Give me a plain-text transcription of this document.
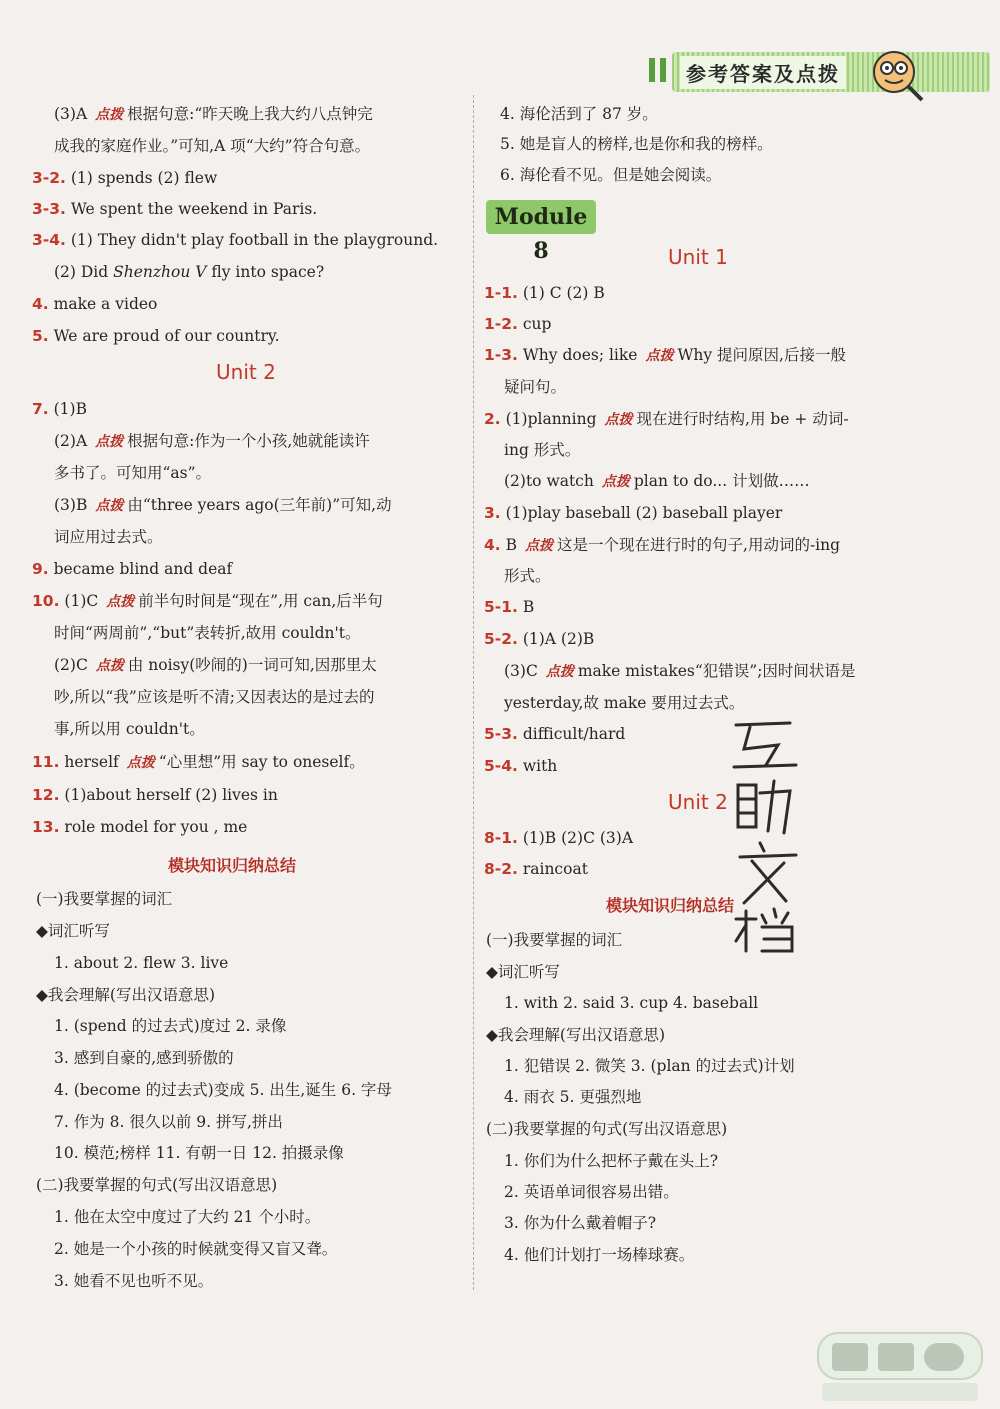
参考答案及点拨
(3)A 点拨 根据句意:“昨天晚上我大约八点钟完
成我的家庭作业。”可知,A 项“大约”符合句意。
3-2. (1) spends (2) flew
3-3. We spent the weekend in Paris.
3-4. (1) They didn't play football in the playground.
(2) Did Shenzhou V fly into space?
4. make a video
5. We are proud of our country.
Unit 2
7. (1)B
(2)A 点拨 根据句意:作为一个小孩,她就能读许
多书了。可知用“as”。
(3)B 点拨 由“three years ago(三年前)”可知,动
词应用过去式。
9. became blind and deaf
10. (1)C 点拨 前半句时间是“现在”,用 can,后半句
时间“两周前”,“but”表转折,故用 couldn't。
(2)C 点拨 由 noisy(吵闹的)一词可知,因那里太
吵,所以“我”应该是听不清;又因表达的是过去的
事,所以用 couldn't。
11. herself 点拨 “心里想”用 say to oneself。
12. (1)about herself (2) lives in
13. role model for you , me
模块知识归纳总结
(一)我要掌握的词汇
◆词汇听写
1. about 2. flew 3. live
◆我会理解(写出汉语意思)
1. (spend 的过去式)度过 2. 录像
3. 感到自豪的,感到骄傲的
4. (become 的过去式)变成 5. 出生,诞生 6. 字母
7. 作为 8. 很久以前 9. 拼写,拼出
10. 模范;榜样 11. 有朝一日 12. 拍摄录像
(二)我要掌握的句式(写出汉语意思)
1. 他在太空中度过了大约 21 个小时。
2. 她是一个小孩的时候就变得又盲又聋。
3. 她看不见也听不见。
4. 海伦活到了 87 岁。
5. 她是盲人的榜样,也是你和我的榜样。
6. 海伦看不见。但是她会阅读。
Module 8	Unit 1
1-1. (1) C (2) B
1-2. cup
1-3. Why does; like 点拨 Why 提问原因,后接一般
疑问句。
2. (1)planning 点拨 现在进行时结构,用 be + 动词-
ing 形式。
(2)to watch 点拨 plan to do... 计划做……
3. (1)play baseball (2) baseball player
4. B 点拨 这是一个现在进行时的句子,用动词的-ing
形式。
5-1. B
5-2. (1)A (2)B
(3)C 点拨 make mistakes“犯错误”;因时间状语是
yesterday,故 make 要用过去式。
5-3. difficult/hard
5-4. with
Unit 2
8-1. (1)B (2)C (3)A
8-2. raincoat
模块知识归纳总结
(一)我要掌握的词汇
◆词汇听写
1. with 2. said 3. cup 4. baseball
◆我会理解(写出汉语意思)
1. 犯错误 2. 微笑 3. (plan 的过去式)计划
4. 雨衣 5. 更强烈地
(二)我要掌握的句式(写出汉语意思)
1. 你们为什么把杯子戴在头上?
2. 英语单词很容易出错。
3. 你为什么戴着帽子?
4. 他们计划打一场棒球赛。
